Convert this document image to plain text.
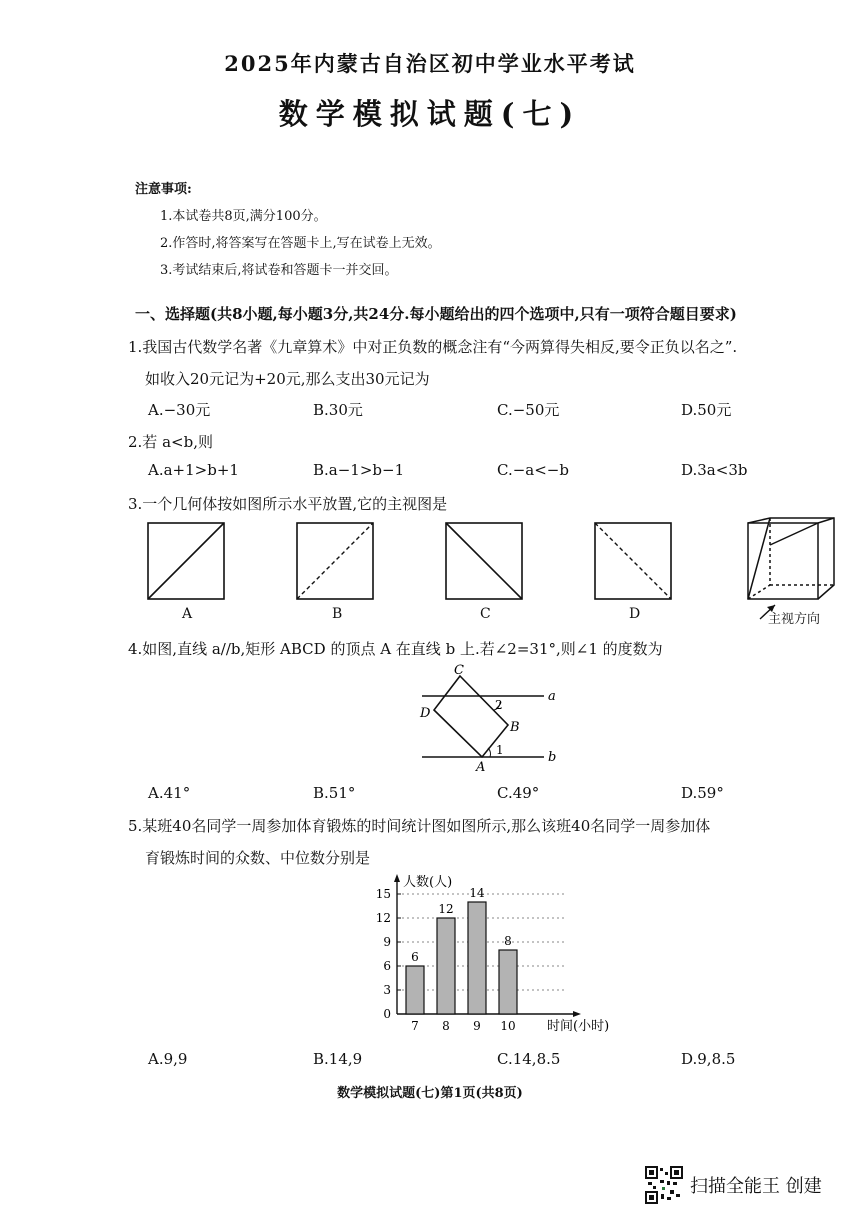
2025年内蒙古自治区初中学业水平考试
数学模拟试题(七)
注意事项:
1.本试卷共8页,满分100分。
2.作答时,将答案写在答题卡上,写在试卷上无效。
3.考试结束后,将试卷和答题卡一并交回。
一、选择题(共8小题,每小题3分,共24分.每小题给出的四个选项中,只有一项符合题目要求)
1.我国古代数学名著《九章算术》中对正负数的概念注有“今两算得失相反,要令正负以名之”.
如收入20元记为+20元,那么支出30元记为
A.−30元	B.30元	C.−50元	D.50元
2.若 a<b,则
A.a+1>b+1	B.a−1>b−1	C.−a<−b	D.3a<3b
3.一个几何体按如图所示水平放置,它的主视图是
A	B	C	D	主视方向
4.如图,直线 a//b,矩形 ABCD 的顶点 A 在直线 b 上.若∠2=31°,则∠1 的度数为
C
D
B
A
a
b
1
2
A.41°	B.51°	C.49°	D.59°
5.某班40名同学一周参加体育锻炼的时间统计图如图所示,那么该班40名同学一周参加体
育锻炼时间的众数、中位数分别是
0
3
6
9
12
15
6
7
12
8
14
9
8
10
人数(人)
时间(小时)
A.9,9	B.14,9	C.14,8.5	D.9,8.5
数学模拟试题(七)第1页(共8页)
扫描全能王 创建
